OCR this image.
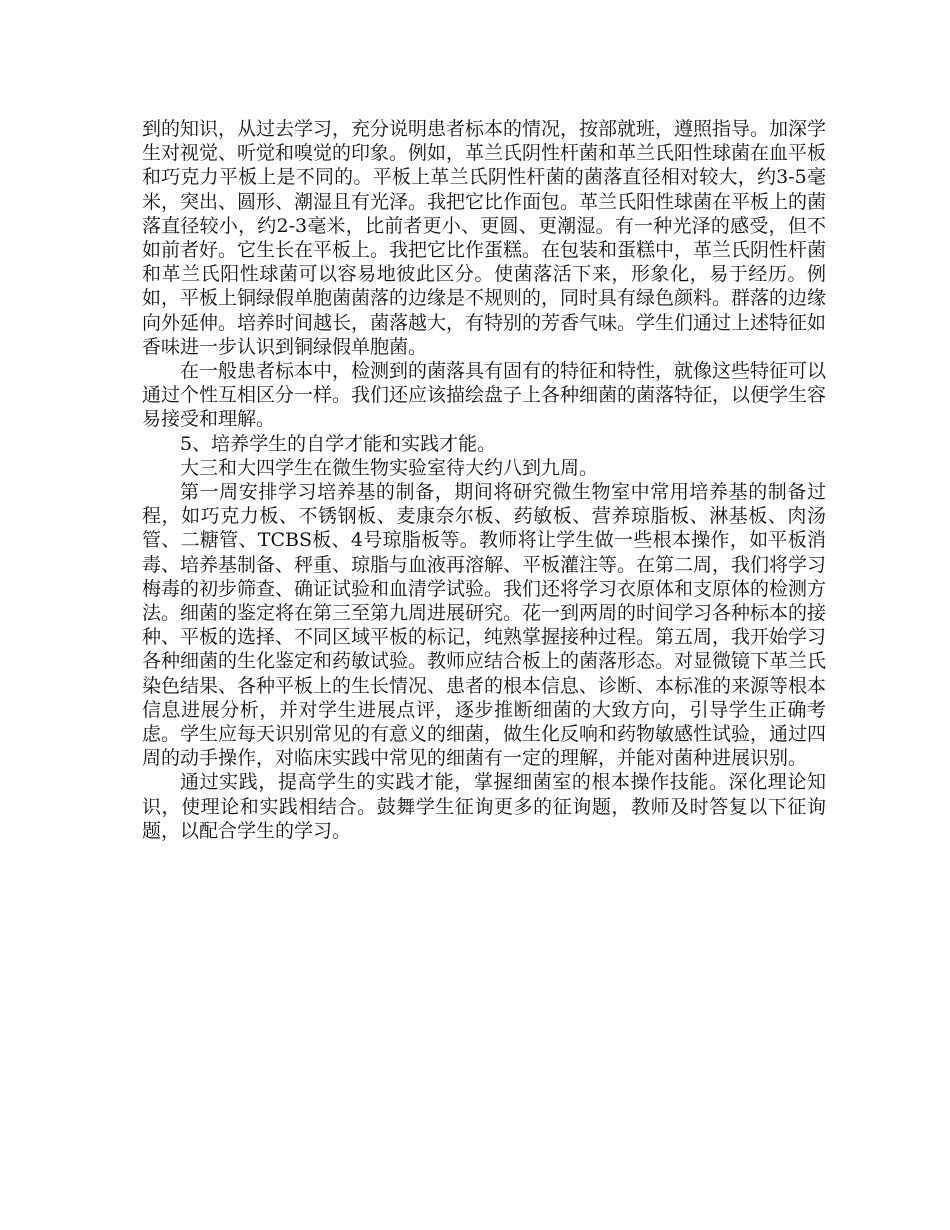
到的知识，从过去学习，充分说明患者标本的情况，按部就班，遵照指导。加深学生对视觉、听觉和嗅觉的印象。例如，革兰氏阴性杆菌和革兰氏阳性球菌在血平板和巧克力平板上是不同的。平板上革兰氏阴性杆菌的菌落直径相对较大，约3-5毫米，突出、圆形、潮湿且有光泽。我把它比作面包。革兰氏阳性球菌在平板上的菌落直径较小，约2-3毫米，比前者更小、更圆、更潮湿。有一种光泽的感受，但不如前者好。它生长在平板上。我把它比作蛋糕。在包装和蛋糕中，革兰氏阴性杆菌和革兰氏阳性球菌可以容易地彼此区分。使菌落活下来，形象化，易于经历。例如，平板上铜绿假单胞菌菌落的边缘是不规则的，同时具有绿色颜料。群落的边缘向外延伸。培养时间越长，菌落越大，有特别的芳香气味。学生们通过上述特征如香味进一步认识到铜绿假单胞菌。

在一般患者标本中，检测到的菌落具有固有的特征和特性，就像这些特征可以通过个性互相区分一样。我们还应该描绘盘子上各种细菌的菌落特征，以便学生容易接受和理解。

5、培养学生的自学才能和实践才能。

大三和大四学生在微生物实验室待大约八到九周。

第一周安排学习培养基的制备，期间将研究微生物室中常用培养基的制备过程，如巧克力板、不锈钢板、麦康奈尔板、药敏板、营养琼脂板、淋基板、肉汤管、二糖管、TCBS板、4号琼脂板等。教师将让学生做一些根本操作，如平板消毒、培养基制备、秤重、琼脂与血液再溶解、平板灌注等。在第二周，我们将学习梅毒的初步筛查、确证试验和血清学试验。我们还将学习衣原体和支原体的检测方法。细菌的鉴定将在第三至第九周进展研究。花一到两周的时间学习各种标本的接种、平板的选择、不同区域平板的标记，纯熟掌握接种过程。第五周，我开始学习各种细菌的生化鉴定和药敏试验。教师应结合板上的菌落形态。对显微镜下革兰氏染色结果、各种平板上的生长情况、患者的根本信息、诊断、本标准的来源等根本信息进展分析，并对学生进展点评，逐步推断细菌的大致方向，引导学生正确考虑。学生应每天识别常见的有意义的细菌，做生化反响和药物敏感性试验，通过四周的动手操作，对临床实践中常见的细菌有一定的理解，并能对菌种进展识别。

通过实践，提高学生的实践才能，掌握细菌室的根本操作技能。深化理论知识，使理论和实践相结合。鼓舞学生征询更多的征询题，教师及时答复以下征询题，以配合学生的学习。
